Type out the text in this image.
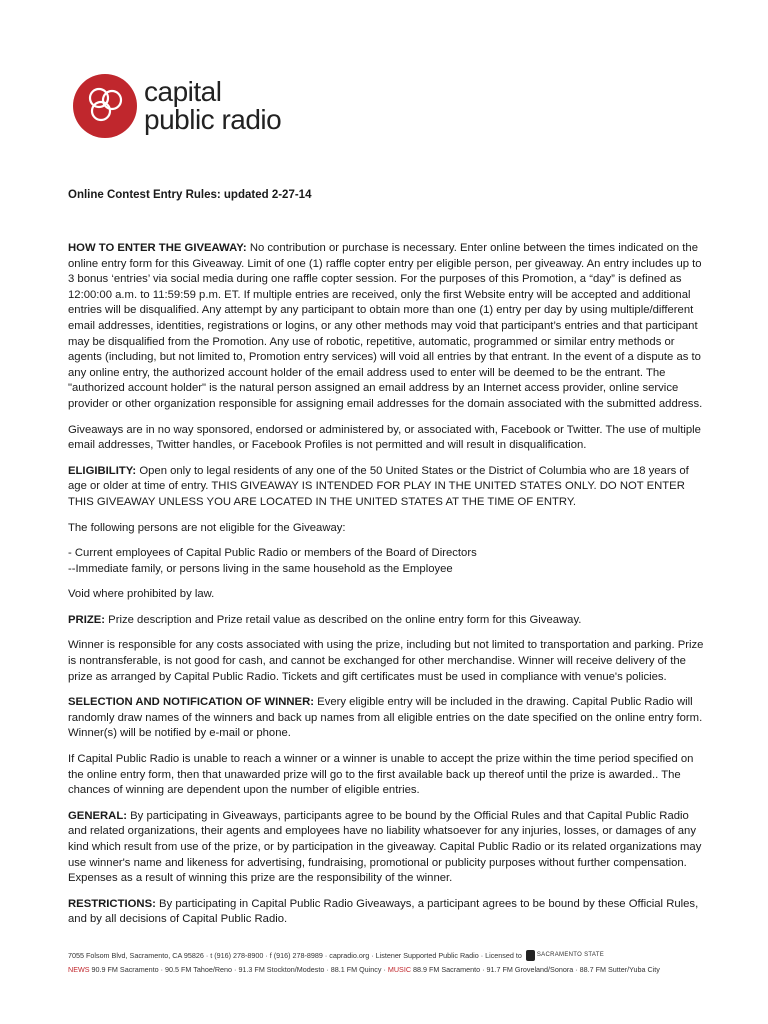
capital
public radio
Online Contest Entry Rules: updated 2-27-14

HOW TO ENTER THE GIVEAWAY: No contribution or purchase is necessary. Enter online between the times indicated on the online entry form for this Giveaway. Limit of one (1) raffle copter entry per eligible person, per giveaway. An entry includes up to 3 bonus ‘entries’ via social media during one raffle copter session. For the purposes of this Promotion, a “day” is defined as 12:00:00 a.m. to 11:59:59 p.m. ET. If multiple entries are received, only the first Website entry will be accepted and additional entries will be disqualified. Any attempt by any participant to obtain more than one (1) entry per day by using multiple/different email addresses, identities, registrations or logins, or any other methods may void that participant’s entries and that participant may be disqualified from the Promotion. Any use of robotic, repetitive, automatic, programmed or similar entry methods or agents (including, but not limited to, Promotion entry services) will void all entries by that entrant. In the event of a dispute as to any online entry, the authorized account holder of the email address used to enter will be deemed to be the entrant. The "authorized account holder" is the natural person assigned an email address by an Internet access provider, online service provider or other organization responsible for assigning email addresses for the domain associated with the submitted address.

Giveaways are in no way sponsored, endorsed or administered by, or associated with, Facebook or Twitter. The use of multiple email addresses, Twitter handles, or Facebook Profiles is not permitted and will result in disqualification.

ELIGIBILITY: Open only to legal residents of any one of the 50 United States or the District of Columbia who are 18 years of age or older at time of entry. THIS GIVEAWAY IS INTENDED FOR PLAY IN THE UNITED STATES ONLY. DO NOT ENTER THIS GIVEAWAY UNLESS YOU ARE LOCATED IN THE UNITED STATES AT THE TIME OF ENTRY.

The following persons are not eligible for the Giveaway:

- Current employees of Capital Public Radio or members of the Board of Directors

--Immediate family, or persons living in the same household as the Employee

Void where prohibited by law.

PRIZE: Prize description and Prize retail value as described on the online entry form for this Giveaway.

Winner is responsible for any costs associated with using the prize, including but not limited to transportation and parking. Prize is nontransferable, is not good for cash, and cannot be exchanged for other merchandise. Winner will receive delivery of the prize as arranged by Capital Public Radio. Tickets and gift certificates must be used in compliance with venue's policies.

SELECTION AND NOTIFICATION OF WINNER: Every eligible entry will be included in the drawing. Capital Public Radio will randomly draw names of the winners and back up names from all eligible entries on the date specified on the online entry form. Winner(s) will be notified by e-mail or phone.

If Capital Public Radio is unable to reach a winner or a winner is unable to accept the prize within the time period specified on the online entry form, then that unawarded prize will go to the first available back up thereof until the prize is awarded.. The chances of winning are dependent upon the number of eligible entries.

GENERAL: By participating in Giveaways, participants agree to be bound by the Official Rules and that Capital Public Radio and related organizations, their agents and employees have no liability whatsoever for any injuries, losses, or damages of any kind which result from use of the prize, or by participation in the giveaway. Capital Public Radio or its related organizations may use winner's name and likeness for advertising, fundraising, promotional or publicity purposes without further compensation. Expenses as a result of winning this prize are the responsibility of the winner.

RESTRICTIONS: By participating in Capital Public Radio Giveaways, a participant agrees to be bound by these Official Rules, and by all decisions of Capital Public Radio.

7055 Folsom Blvd, Sacramento, CA 95826 · t (916) 278-8900 · f (916) 278-8989 · capradio.org · Listener Supported Public Radio · Licensed to	SACRAMENTO STATE
NEWS 90.9 FM Sacramento · 90.5 FM Tahoe/Reno · 91.3 FM Stockton/Modesto · 88.1 FM Quincy · MUSIC 88.9 FM Sacramento · 91.7 FM Groveland/Sonora · 88.7 FM Sutter/Yuba City
